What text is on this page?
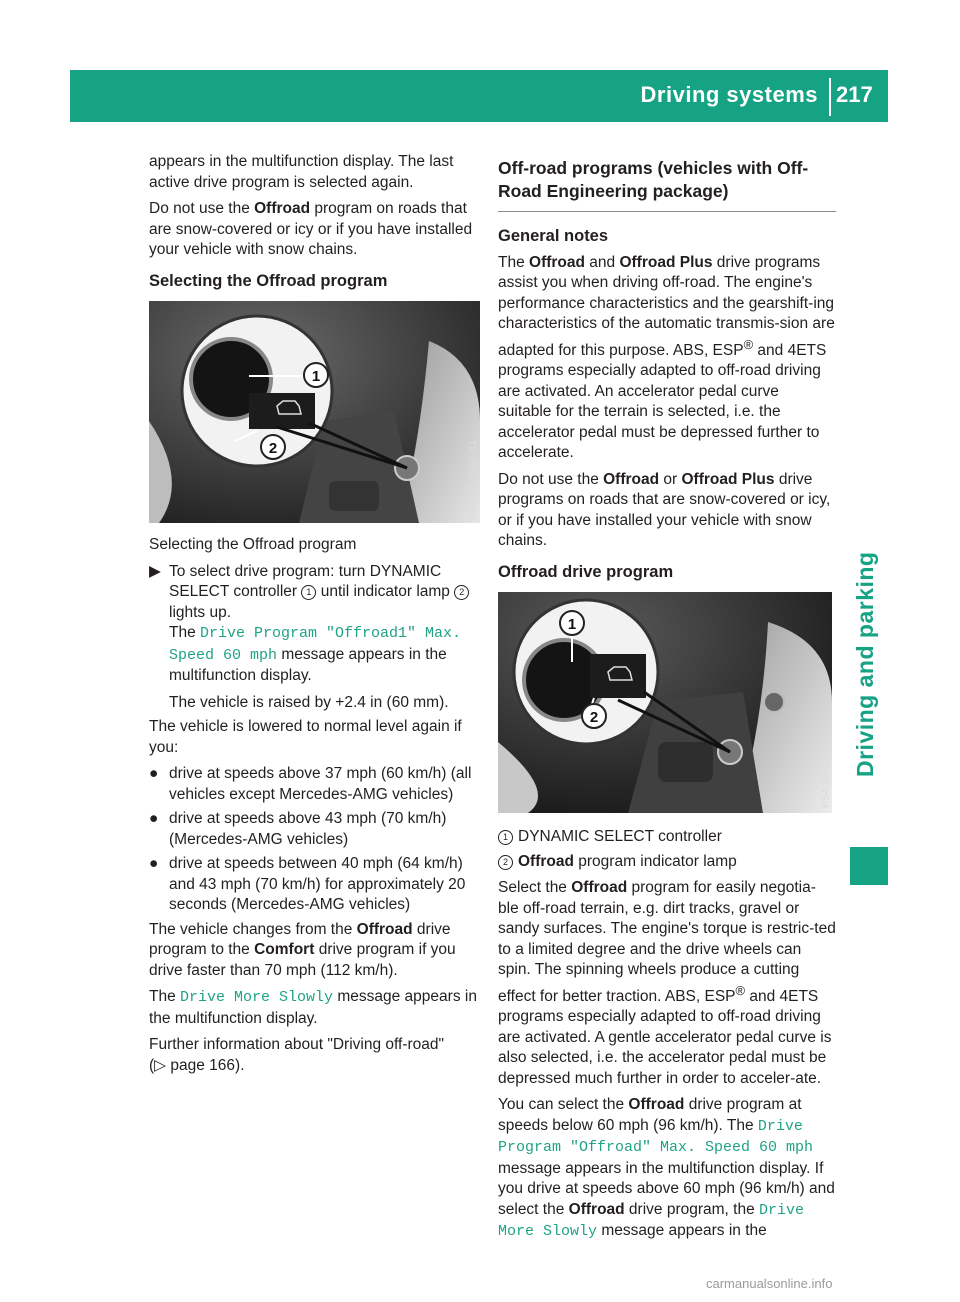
Driving systems 217
Driving and parking

appears in the multifunction display. The last active drive program is selected again.

Do not use the Offroad program on roads that are snow-covered or icy or if you have installed your vehicle with snow chains.

Selecting the Offroad program
1
2	P54.26-0360-31

Selecting the Offroad program

▶ To select drive program: turn DYNAMIC SELECT controller 1 until indicator lamp 2 lights up.
The Drive Program "Offroad1" Max. Speed 60 mph message appears in the multifunction display.
The vehicle is raised by +2.4 in (60 mm).

The vehicle is lowered to normal level again if you:

● drive at speeds above 37 mph (60 km/h) (all vehicles except Mercedes-AMG vehicles)
● drive at speeds above 43 mph (70 km/h) (Mercedes-AMG vehicles)
● drive at speeds between 40 mph (64 km/h) and 43 mph (70 km/h) for approximately 20 seconds (Mercedes-AMG vehicles)

The vehicle changes from the Offroad drive program to the Comfort drive program if you drive faster than 70 mph (112 km/h).

The Drive More Slowly message appears in the multifunction display.

Further information about "Driving off-road"
(▷ page 166).

Off-road programs (vehicles with Off-Road Engineering package)
General notes

The Offroad and Offroad Plus drive programs assist you when driving off-road. The engine's performance characteristics and the gearshift-ing characteristics of the automatic transmis-sion are adapted for this purpose. ABS, ESP® and 4ETS programs especially adapted to off-road driving are activated. An accelerator pedal curve suitable for the terrain is selected, i.e. the accelerator pedal must be depressed further to accelerate.

Do not use the Offroad or Offroad Plus drive programs on roads that are snow-covered or icy, or if you have installed your vehicle with snow chains.

Offroad drive program
1
2
P54.26-0265-31
1 DYNAMIC SELECT controller
2 Offroad program indicator lamp

Select the Offroad program for easily negotia-ble off-road terrain, e.g. dirt tracks, gravel or sandy surfaces. The engine's torque is restric-ted to a limited degree and the drive wheels can spin. The spinning wheels produce a cutting effect for better traction. ABS, ESP® and 4ETS programs especially adapted to off-road driving are activated. A gentle accelerator pedal curve is also selected, i.e. the accelerator pedal must be depressed much further in order to acceler-ate.

You can select the Offroad drive program at speeds below 60 mph (96 km/h). The Drive Program "Offroad" Max. Speed 60 mph message appears in the multifunction display. If you drive at speeds above 60 mph (96 km/h) and select the Offroad drive program, the Drive More Slowly message appears in the

carmanualsonline.info
